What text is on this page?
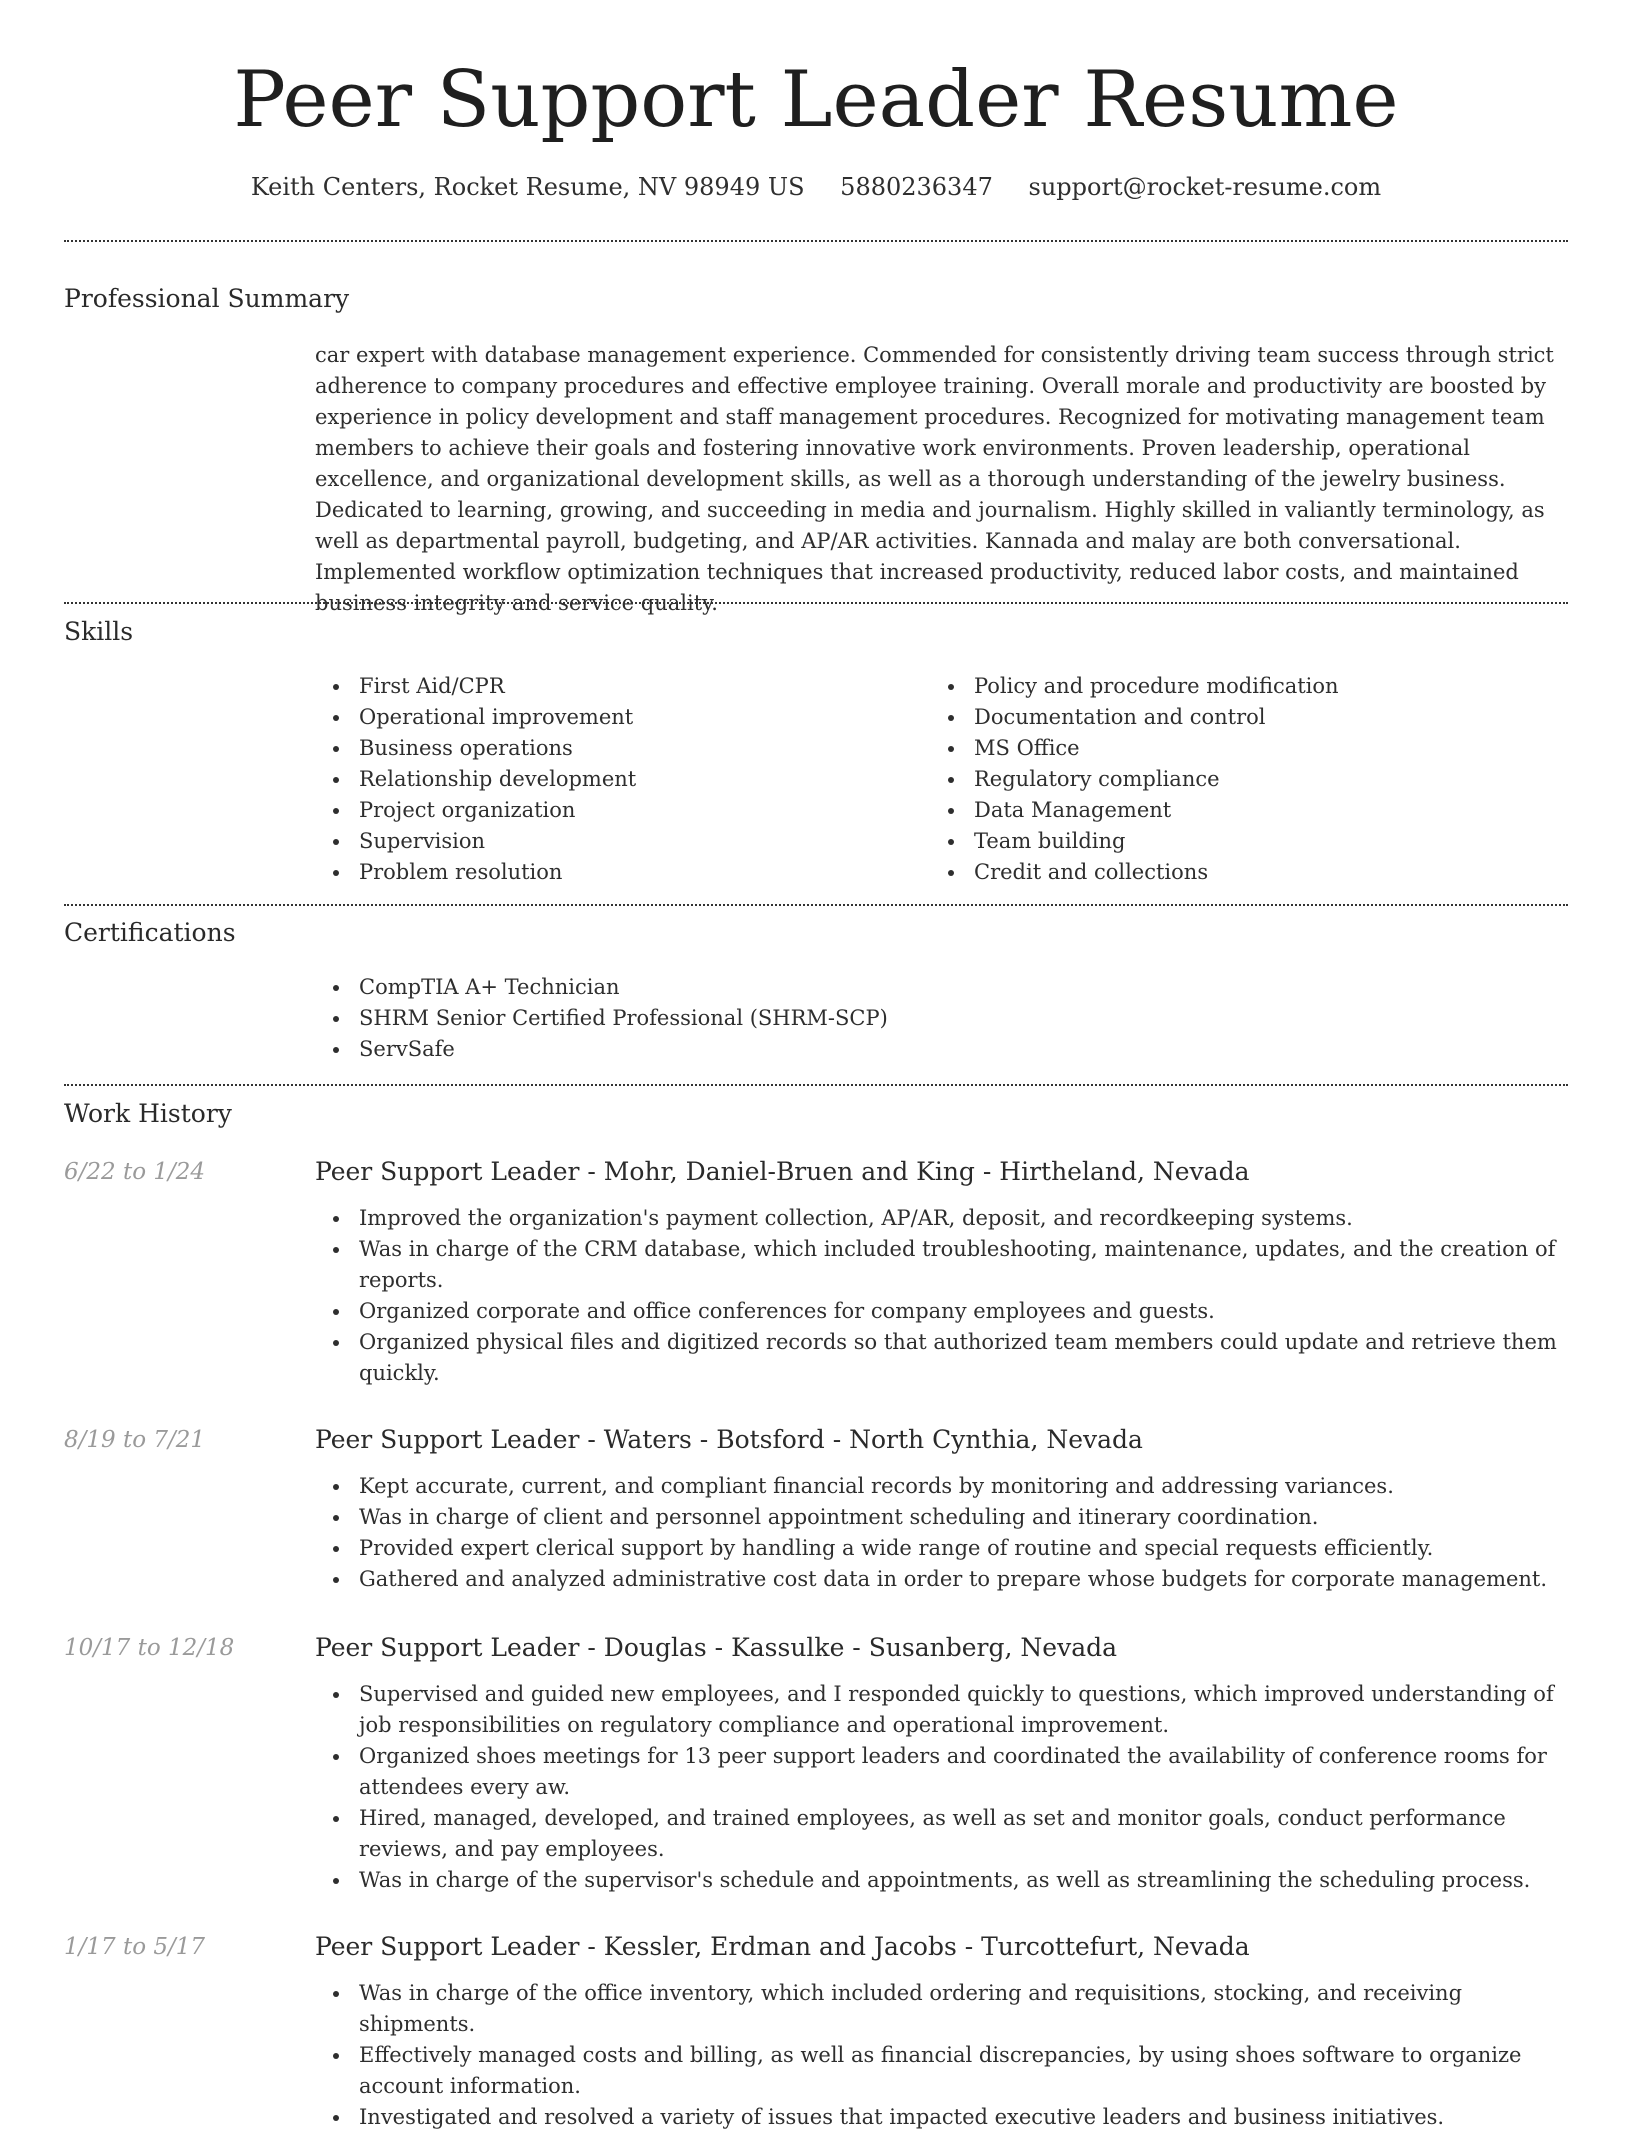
Peer Support Leader Resume
Keith Centers, Rocket Resume, NV 98949 US 5880236347 support@rocket-resume.com
Professional Summary

car expert with database management experience. Commended for consistently driving team success through strict adherence to company procedures and effective employee training. Overall morale and productivity are boosted by experience in policy development and staff management procedures. Recognized for motivating management team members to achieve their goals and fostering innovative work environments. Proven leadership, operational excellence, and organizational development skills, as well as a thorough understanding of the jewelry business. Dedicated to learning, growing, and succeeding in media and journalism. Highly skilled in valiantly terminology, as well as departmental payroll, budgeting, and AP/AR activities. Kannada and malay are both conversational. Implemented workflow optimization techniques that increased productivity, reduced labor costs, and maintained business integrity and service quality.

Skills
First Aid/CPR
Operational improvement
Business operations
Relationship development
Project organization
Supervision
Problem resolution
Policy and procedure modification
Documentation and control
MS Office
Regulatory compliance
Data Management
Team building
Credit and collections
Certifications
CompTIA A+ Technician
SHRM Senior Certified Professional (SHRM-SCP)
ServSafe
Work History
6/22 to 1/24	Peer Support Leader - Mohr, Daniel-Bruen and King - Hirtheland, Nevada
Improved the organization's payment collection, AP/AR, deposit, and recordkeeping systems.
Was in charge of the CRM database, which included troubleshooting, maintenance, updates, and the creation of reports.
Organized corporate and office conferences for company employees and guests.
Organized physical files and digitized records so that authorized team members could update and retrieve them quickly.
8/19 to 7/21	Peer Support Leader - Waters - Botsford - North Cynthia, Nevada
Kept accurate, current, and compliant financial records by monitoring and addressing variances.
Was in charge of client and personnel appointment scheduling and itinerary coordination.
Provided expert clerical support by handling a wide range of routine and special requests efficiently.
Gathered and analyzed administrative cost data in order to prepare whose budgets for corporate management.
10/17 to 12/18	Peer Support Leader - Douglas - Kassulke - Susanberg, Nevada
Supervised and guided new employees, and I responded quickly to questions, which improved understanding of job responsibilities on regulatory compliance and operational improvement.
Organized shoes meetings for 13 peer support leaders and coordinated the availability of conference rooms for attendees every aw.
Hired, managed, developed, and trained employees, as well as set and monitor goals, conduct performance reviews, and pay employees.
Was in charge of the supervisor's schedule and appointments, as well as streamlining the scheduling process.
1/17 to 5/17	Peer Support Leader - Kessler, Erdman and Jacobs - Turcottefurt, Nevada
Was in charge of the office inventory, which included ordering and requisitions, stocking, and receiving shipments.
Effectively managed costs and billing, as well as financial discrepancies, by using shoes software to organize account information.
Investigated and resolved a variety of issues that impacted executive leaders and business initiatives.
